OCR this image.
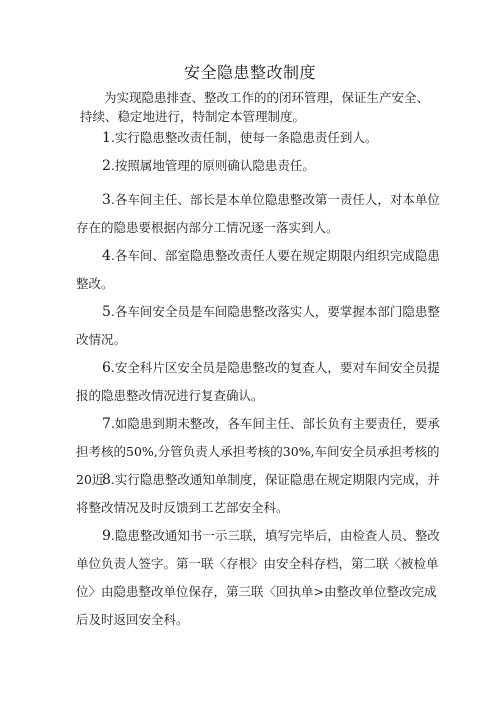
安全隐患整改制度

为实现隐患排查、整改工作的的闭环管理，保证生产安全、持续、稳定地进行，特制定本管理制度。

1.实行隐患整改责任制，使每一条隐患责任到人。

2.按照属地管理的原则确认隐患责任。

3.各车间主任、部长是本单位隐患整改第一责任人，对本单位存在的隐患要根据内部分工情况逐一落实到人。

4.各车间、部室隐患整改责任人要在规定期限内组织完成隐患整改。

5.各车间安全员是车间隐患整改落实人，要掌握本部门隐患整改情况。

6.安全科片区安全员是隐患整改的复查人，要对车间安全员提报的隐患整改情况进行复查确认。

7.如隐患到期未整改，各车间主任、部长负有主要责任，要承担考核的50%,分管负责人承担考核的30%,车间安全员承担考核的20近

8.实行隐患整改通知单制度，保证隐患在规定期限内完成，并将整改情况及时反馈到工艺部安全科。

9.隐患整改通知书一示三联，填写完毕后，由检查人员、整改单位负责人签字。第一联〈存根〉由安全科存档，第二联〈被检单位〉由隐患整改单位保存，第三联〈回执单>由整改单位整改完成后及时返回安全科。
